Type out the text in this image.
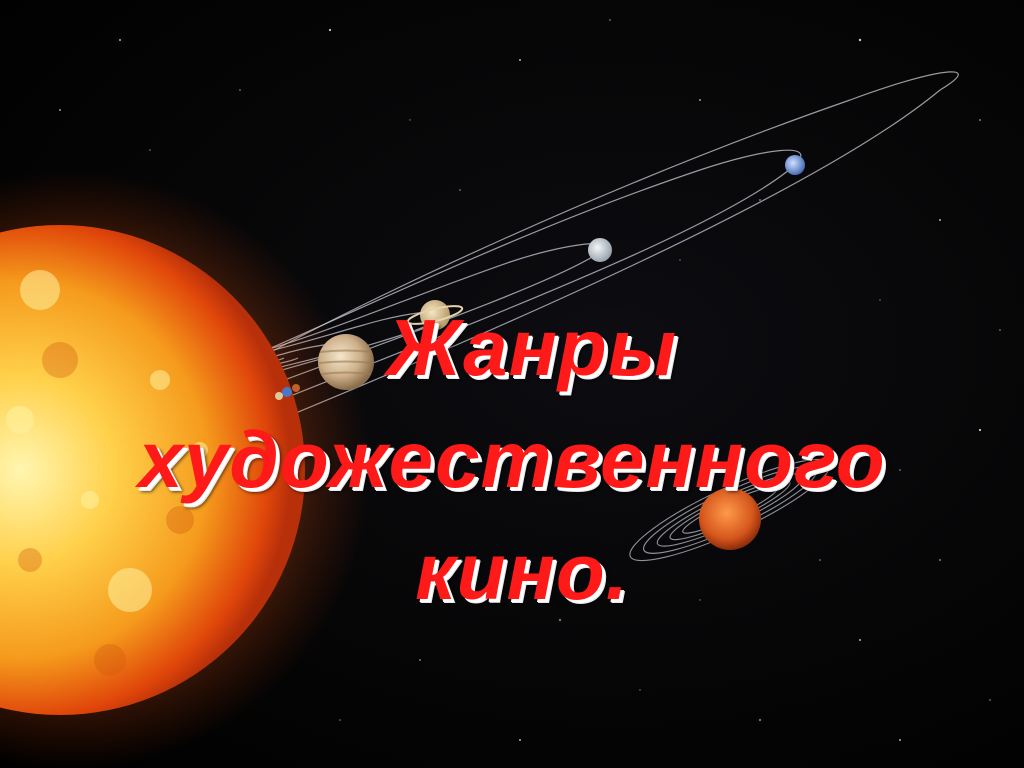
Жанры
художественного
кино.
